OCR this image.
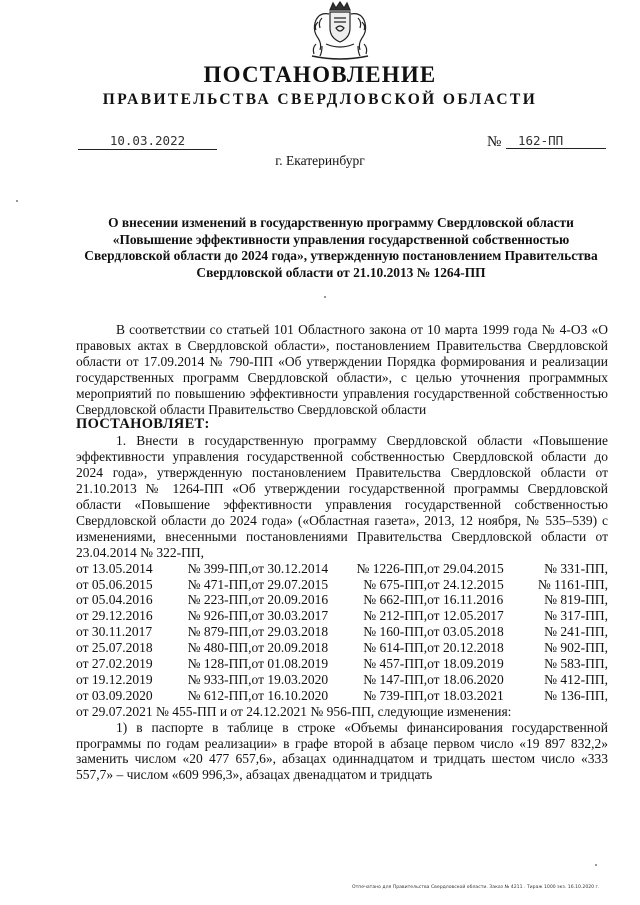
ПОСТАНОВЛЕНИЕ
ПРАВИТЕЛЬСТВА СВЕРДЛОВСКОЙ ОБЛАСТИ
10.03.2022	№	162-ПП
г. Екатеринбург
О внесении изменений в государственную программу Свердловской области «Повышение эффективности управления государственной собственностью Свердловской области до 2024 года», утвержденную постановлением Правительства Свердловской области от 21.10.2013 № 1264-ПП

В соответствии со статьей 101 Областного закона от 10 марта 1999 года № 4-ОЗ «О правовых актах в Свердловской области», постановлением Правительства Свердловской области от 17.09.2014 № 790-ПП «Об утверждении Порядка формирования и реализации государственных программ Свердловской области», с целью уточнения программных мероприятий по повышению эффективности управления государственной собственностью Свердловской области Правительство Свердловской области

ПОСТАНОВЛЯЕТ:

1. Внести в государственную программу Свердловской области «Повышение эффективности управления государственной собственностью Свердловской области до 2024 года», утвержденную постановлением Правительства Свердловской области от 21.10.2013 № 1264-ПП «Об утверждении государственной программы Свердловской области «Повышение эффективности управления государственной собственностью Свердловской области до 2024 года» («Областная газета», 2013, 12 ноября, № 535–539) с изменениями, внесенными постановлениями Правительства Свердловской области от 23.04.2014 № 322-ПП,

от 13.05.2014	№ 399-ПП,	от 30.12.2014	№ 1226-ПП,	от 29.04.2015	№ 331-ПП,
от 05.06.2015	№ 471-ПП,	от 29.07.2015	№ 675-ПП,	от 24.12.2015	№ 1161-ПП,
от 05.04.2016	№ 223-ПП,	от 20.09.2016	№ 662-ПП,	от 16.11.2016	№ 819-ПП,
от 29.12.2016	№ 926-ПП,	от 30.03.2017	№ 212-ПП,	от 12.05.2017	№ 317-ПП,
от 30.11.2017	№ 879-ПП,	от 29.03.2018	№ 160-ПП,	от 03.05.2018	№ 241-ПП,
от 25.07.2018	№ 480-ПП,	от 20.09.2018	№ 614-ПП,	от 20.12.2018	№ 902-ПП,
от 27.02.2019	№ 128-ПП,	от 01.08.2019	№ 457-ПП,	от 18.09.2019	№ 583-ПП,
от 19.12.2019	№ 933-ПП,	от 19.03.2020	№ 147-ПП,	от 18.06.2020	№ 412-ПП,
от 03.09.2020	№ 612-ПП,	от 16.10.2020	№ 739-ПП,	от 18.03.2021	№ 136-ПП,

от 29.07.2021 № 455-ПП и от 24.12.2021 № 956-ПП, следующие изменения:

1) в паспорте в таблице в строке «Объемы финансирования государственной программы по годам реализации» в графе второй в абзаце первом число «19 897 832,2» заменить числом «20 477 657,6», абзацах одиннадцатом и тридцать шестом число «333 557,7» – числом «609 996,3», абзацах двенадцатом и тридцать

Отпечатано для Правительства Свердловской области. Заказ № 4211 . Тираж 1000 экз. 16.10.2020 г.
